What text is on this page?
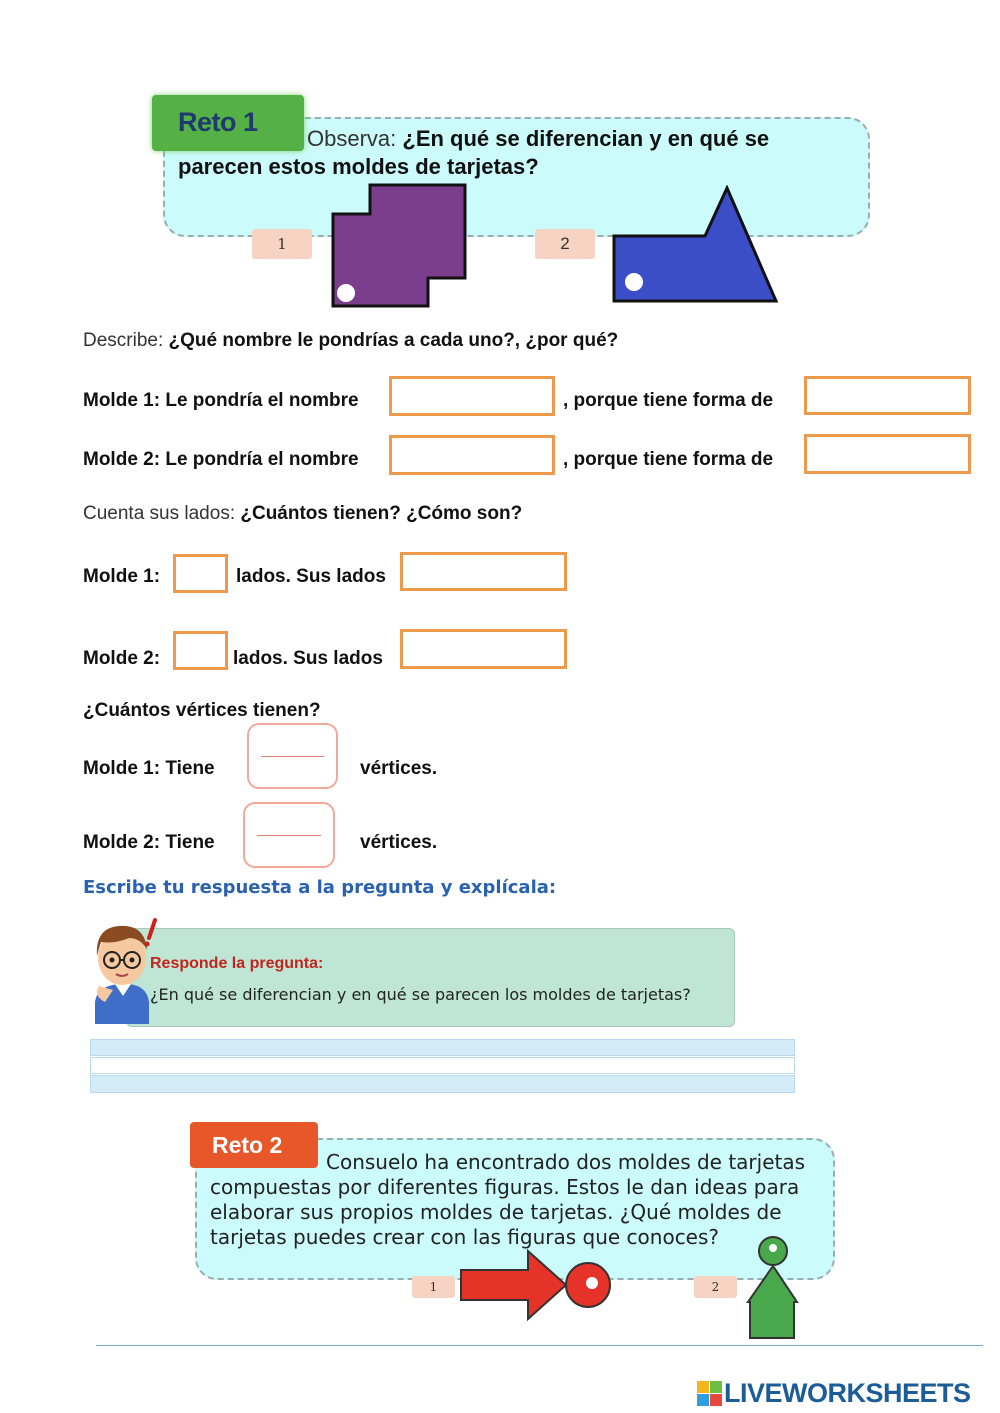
Reto 1
Observa: ¿En qué se diferencian y en qué se
parecen estos moldes de tarjetas?
1	2
Describe: ¿Qué nombre le pondrías a cada uno?, ¿por qué?
Molde 1: Le pondría el nombre	, porque tiene forma de
Molde 2: Le pondría el nombre	, porque tiene forma de
Cuenta sus lados: ¿Cuántos tienen? ¿Cómo son?
Molde 1:	lados. Sus lados
Molde 2:	lados. Sus lados
¿Cuántos vértices tienen?
Molde 1: Tiene	vértices.
Molde 2: Tiene	vértices.
Escribe tu respuesta a la pregunta y explícala:
Responde la pregunta:
¿En qué se diferencian y en qué se parecen los moldes de tarjetas?
Reto 2
Consuelo ha encontrado dos moldes de tarjetas
compuestas por diferentes figuras. Estos le dan ideas para
elaborar sus propios moldes de tarjetas. ¿Qué moldes de
tarjetas puedes crear con las figuras que conoces?
1	2
LIVEWORKSHEETS
